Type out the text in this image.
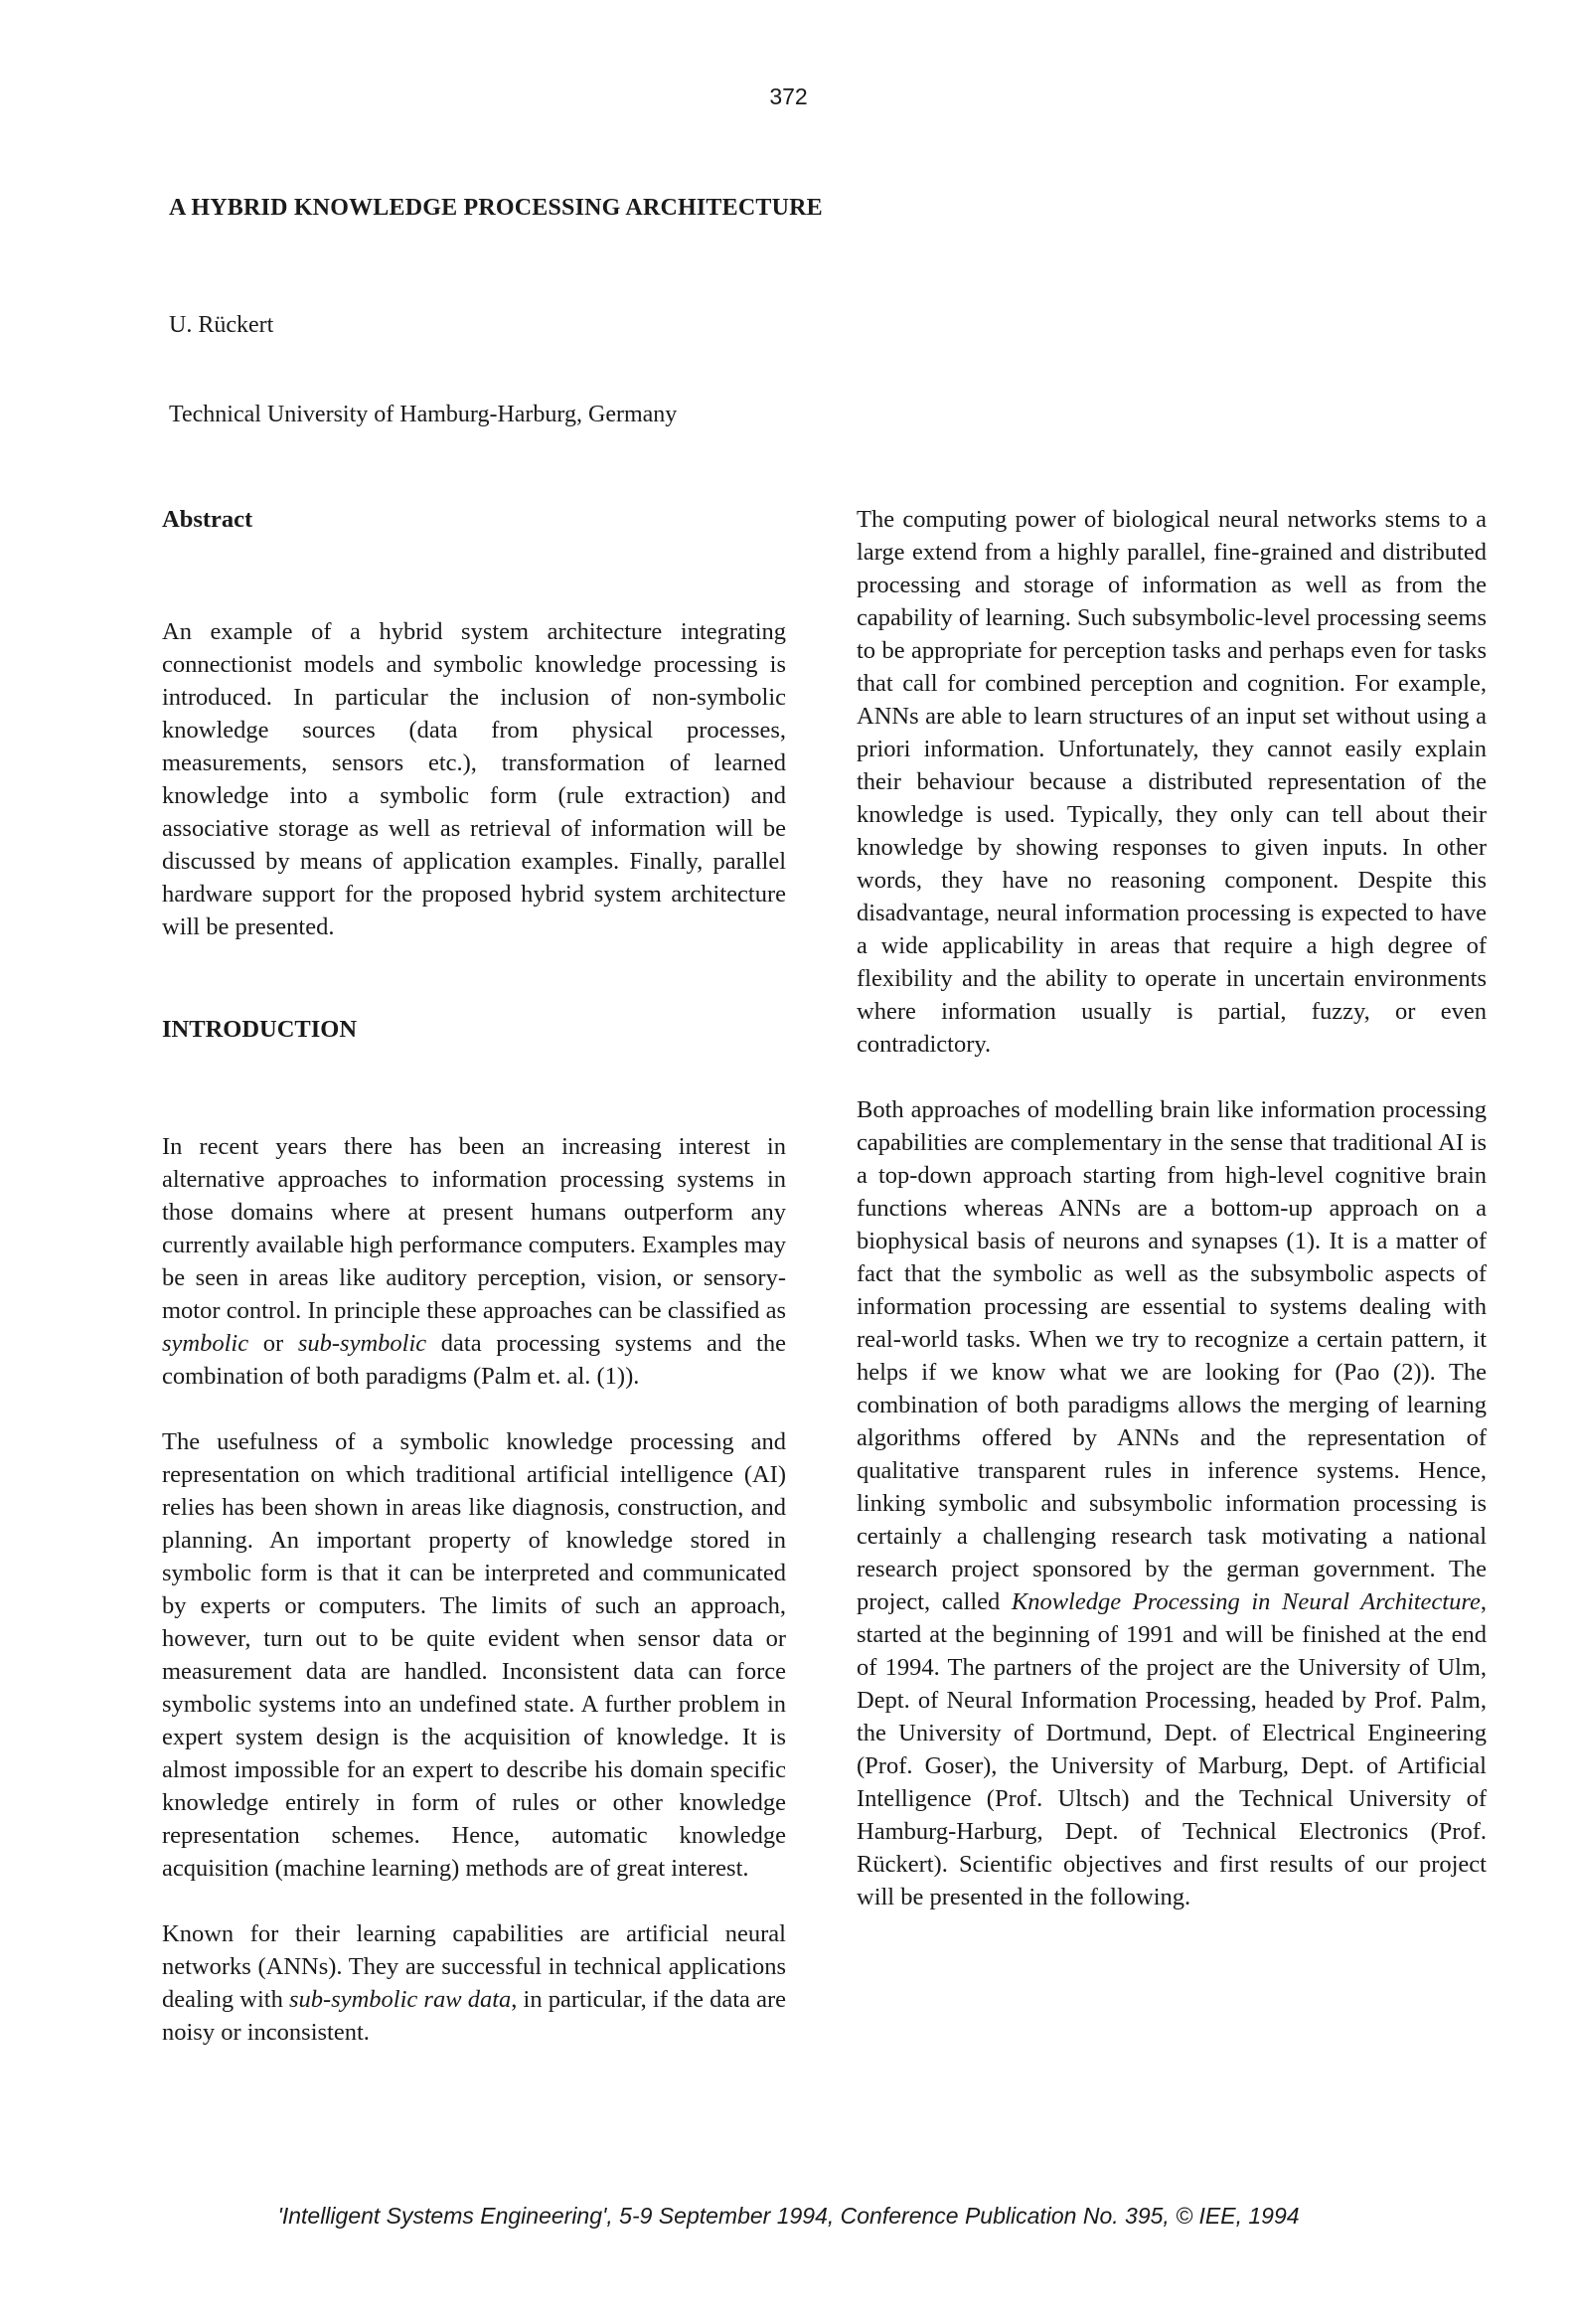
372
A HYBRID KNOWLEDGE PROCESSING ARCHITECTURE
U. Rückert
Technical University of Hamburg-Harburg, Germany
Abstract

An example of a hybrid system architecture integrating connectionist models and symbolic knowledge processing is introduced. In particular the inclusion of non-symbolic knowledge sources (data from physical processes, measurements, sensors etc.), transformation of learned knowledge into a symbolic form (rule extraction) and associative storage as well as retrieval of information will be discussed by means of application examples. Finally, parallel hardware support for the proposed hybrid system architecture will be presented.

INTRODUCTION

In recent years there has been an increasing interest in alternative approaches to information processing systems in those domains where at present humans outperform any currently available high performance computers. Examples may be seen in areas like auditory perception, vision, or sensory-motor control. In principle these approaches can be classified as symbolic or sub-symbolic data processing systems and the combination of both paradigms (Palm et. al. (1)).

The usefulness of a symbolic knowledge processing and representation on which traditional artificial intelligence (AI) relies has been shown in areas like diagnosis, construction, and planning. An important property of knowledge stored in symbolic form is that it can be interpreted and communicated by experts or computers. The limits of such an approach, however, turn out to be quite evident when sensor data or measurement data are handled. Inconsistent data can force symbolic systems into an undefined state. A further problem in expert system design is the acquisition of knowledge. It is almost impossible for an expert to describe his domain specific knowledge entirely in form of rules or other knowledge representation schemes. Hence, automatic knowledge acquisition (machine learning) methods are of great interest.

Known for their learning capabilities are artificial neural networks (ANNs). They are successful in technical applications dealing with sub-symbolic raw data, in particular, if the data are noisy or inconsistent.

The computing power of biological neural networks stems to a large extend from a highly parallel, fine-grained and distributed processing and storage of information as well as from the capability of learning. Such subsymbolic-level processing seems to be appropriate for perception tasks and perhaps even for tasks that call for combined perception and cognition. For example, ANNs are able to learn structures of an input set without using a priori information. Unfortunately, they cannot easily explain their behaviour because a distributed representation of the knowledge is used. Typically, they only can tell about their knowledge by showing responses to given inputs. In other words, they have no reasoning component. Despite this disadvantage, neural information processing is expected to have a wide applicability in areas that require a high degree of flexibility and the ability to operate in uncertain environments where information usually is partial, fuzzy, or even contradictory.

Both approaches of modelling brain like information processing capabilities are complementary in the sense that traditional AI is a top-down approach starting from high-level cognitive brain functions whereas ANNs are a bottom-up approach on a biophysical basis of neurons and synapses (1). It is a matter of fact that the symbolic as well as the subsymbolic aspects of information processing are essential to systems dealing with real-world tasks. When we try to recognize a certain pattern, it helps if we know what we are looking for (Pao (2)). The combination of both paradigms allows the merging of learning algorithms offered by ANNs and the representation of qualitative transparent rules in inference systems. Hence, linking symbolic and subsymbolic information processing is certainly a challenging research task motivating a national research project sponsored by the german government. The project, called Knowledge Processing in Neural Architecture, started at the beginning of 1991 and will be finished at the end of 1994. The partners of the project are the University of Ulm, Dept. of Neural Information Processing, headed by Prof. Palm, the University of Dortmund, Dept. of Electrical Engineering (Prof. Goser), the University of Marburg, Dept. of Artificial Intelligence (Prof. Ultsch) and the Technical University of Hamburg-Harburg, Dept. of Technical Electronics (Prof. Rückert). Scientific objectives and first results of our project will be presented in the following.

'Intelligent Systems Engineering', 5-9 September 1994, Conference Publication No. 395, © IEE, 1994
